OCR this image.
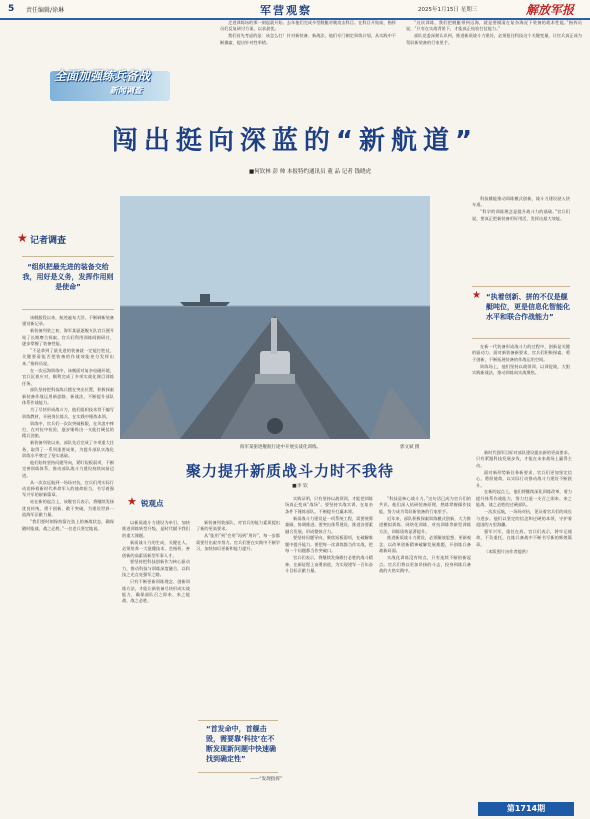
5 责任编辑/徐琳	军营观察	2025年1月15日 星期三	解放军报
全面加强练兵备战
新闻调查

走进训练场的那一刻起就开始。去年他们完成多型舰艇对舰攻击科目。在科目开始前，指挥员们反复研讨方案，以求最优。

我们首先考虑的是：该怎么打！针对新装备、新战法，他们专门制定训练计划，从实践中不断摸索，提出针对性举措。

“这次训练，我们把舰艇带到远海，就是要摸清在复杂海况下装备的战术性能。”指挥员说，“只有在实战背景下，才能真正检验打仗能力。”

部队党委深刻认识到，推进新质战斗力建设，必须扭住科技这个关键变量，让官兵真正成为驾驭新装备的行家里手。

闯出挺向深蓝的“新航道”
■何钦林 彭 帅 本报特约通讯员 董 品 记者 钱晓虎
★ 记者调查
“组织把最先进的装备交给我，用好是义务，发挥作用则是使命”

该舰服役以来，航迹遍布大洋，不断刷新装备建设新记录。

新装备列装之初，海军某驱逐舰支队官兵便开始了长期磨合探索。官兵们利用训练间隙研讨，逐步掌握了装备性能。

“不是拿到了最先进的装备就一定能打胜仗，关键要看能否把装备的作战效能充分发挥出来。”指挥员说。

在一次远海训练中，该舰面对复杂电磁环境，官兵沉着应对，顺利完成了多项实战化课目训练任务。

部队坚持把科技练兵摆在突出位置，积极探索新装备作战运用新思路、新战法，不断提升部队体系作战能力。

为了尽快形成战斗力，他们组织技术骨干编写训练教材，开展岗位练兵，在实践中锤炼本领。

训练中，官兵们一次次突破极限，在风浪中摔打，在对抗中检验，逐步锤炼出一支能打硬仗的精兵劲旅。

新装备列装以来，部队先后完成了多项重大任务，取得了一系列重要成果，为提升部队实战化训练水平奠定了坚实基础。

他们始终坚持问题导向，紧盯短板弱项，不断完善训练体系，推动部队战斗力建设持续向前迈进。

从一次次远航到一场场对抗，官兵们用实际行动诠释着新时代革命军人的使命担当，书写着强军兴军的崭新篇章。

站在新的起点上，该舰官兵表示，将继续发扬优良传统，勇于创新、敢于突破，为建设世界一流海军贡献力量。

“我们要时刻保持箭在弦上的备战状态，确保随时能战、战之必胜。”一名老兵坚定地说。

海军某驱逐舰航行途中开展实战化训练。	郭文斌 摄

科技赋能推动训练模式创新，战斗力建设驶入快车道。

“科学的训练理念是提升战斗力的基础。”官兵们说，要真正把新装备用好用活，发挥出最大效能。

★ “执着创新、拼的不仅是舰艇吨位，更是信息化智能化水平和联合作战能力”

在新一代装备形成战斗力的过程中，创新是关键的驱动力。面对新装备新要求，官兵们积极探索、勇于创新，不断拓展装备的作战运用空间。

训练场上，他们坚持以战领训、以训促战，大胆实践新战法，推动训练向实战聚焦。

聚力提升新质战斗力时不我待
■李 钦
★ 锐观点

以新质战斗力建设为牵引，加快推进训练转型升级，是时代赋予我们的重大课题。

新质战斗力的生成，关键在人。必须培养一大批懂技术、会指挥、善创新的高素质新型军事人才。

要坚持把科技创新作为核心驱动力，推动科技与训练深度融合，以科技之光点亮强军之路。

只有不断更新训练理念、创新训练方法，才能让新装备尽快形成实战能力，确保部队召之即来、来之能战、战之必胜。

新装备列装部队，对官兵的能力素质提出了新的更高要求。

从“能用”到“会用”再到“用好”，每一步都需要付出艰辛努力。官兵们要在实践中不断学习，加快知识更新和能力提升。

“首发命中，首舰击毁，需要靠‘科技’在不断发现新问题中快速确找到确定性”
——“发现指挥”

实践证明，只有坚持以战领训，才能把训练场真正变成“战场”。要坚持实战实训，在复杂条件下锤炼部队，不断提升打赢本领。

新质战斗力建设是一项系统工程，需要统筹兼顾、协调推进。要突出体系建设，推进各要素融合发展，形成整体合力。

要坚持问题导向，聚焦短板弱项，在破解难题中提升能力。要把每一次训练都当作实战，把每一个问题都当作突破口。

官兵们表示，将继续发扬敢打必胜的战斗精神，在新征程上奋勇前进，为实现建军一百年奋斗目标贡献力量。

“科技是核心战斗力。”这句话已成为官兵们的共识。他们深入钻研装备原理，熟练掌握操作技能，努力成为驾驭新装备的行家里手。

近年来，部队积极探索训练模式创新，大力推进模拟训练、网络化训练、对抗训练等新型训练方法，训练质效显著提升。

推进新质战斗力建设，必须解放思想、更新观念，以改革创新精神破解发展难题，开创练兵备战新局面。

实战化训练没有终点，只有连续不断的新起点。官兵们将以更加昂扬的斗志，投身到练兵备战的火热实践中。

新时代强军目标对部队建设提出新的更高要求。只有紧跟科技发展步伐，才能在未来战场上赢得主动。

面对新形势新任务新要求，官兵们更加坚定信心，勇担使命，以实际行动推动战斗力建设不断跃升。

在新的起点上，他们将继续深化训练改革，着力提升体系作战能力，努力打造一支召之即来、来之能战、战之必胜的过硬部队。

一次次远航，一场场对抗，见证着官兵们的成长与进步。他们以坚定的信念和过硬的本领，守护着祖国的万里海疆。

强军兴军，重任在肩。官兵们表示，将牢记使命，不负重托，在练兵备战中不断书写新的辉煌篇章。

（本版照片由作者提供）

第1714期
